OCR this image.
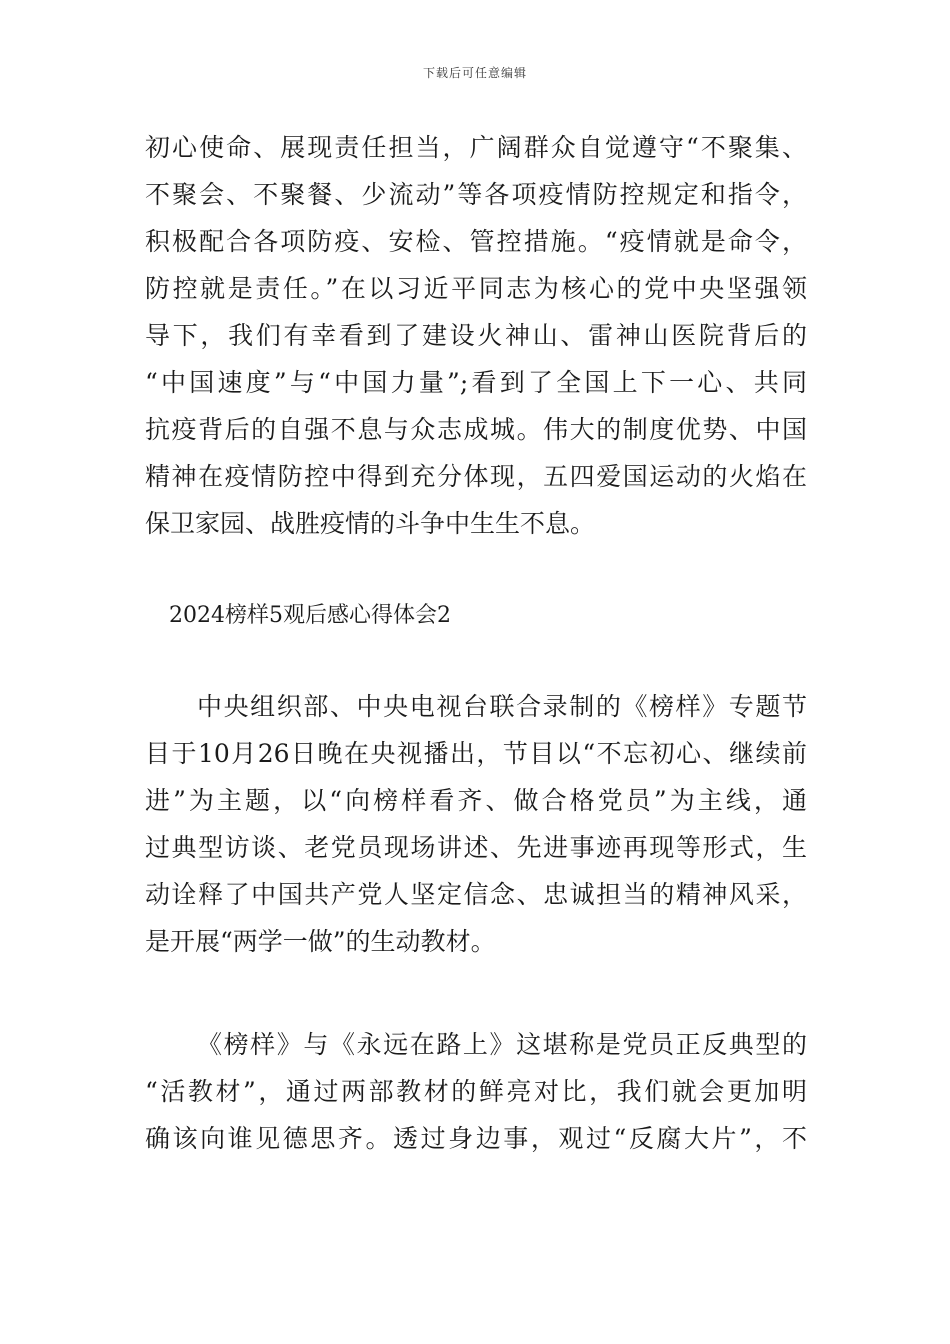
下载后可任意编辑
初心使命、展现责任担当，广阔群众自觉遵守“不聚集、
不聚会、不聚餐、少流动”等各项疫情防控规定和指令，
积极配合各项防疫、安检、管控措施。“疫情就是命令，
防控就是责任。”在以习近平同志为核心的党中央坚强领
导下，我们有幸看到了建设火神山、雷神山医院背后的
“中国速度”与“中国力量”;看到了全国上下一心、共同
抗疫背后的自强不息与众志成城。伟大的制度优势、中国
精神在疫情防控中得到充分体现，五四爱国运动的火焰在
保卫家园、战胜疫情的斗争中生生不息。
2024榜样5观后感心得体会2
中央组织部、中央电视台联合录制的《榜样》专题节
目于10月26日晚在央视播出，节目以“不忘初心、继续前
进”为主题，以“向榜样看齐、做合格党员”为主线，通
过典型访谈、老党员现场讲述、先进事迹再现等形式，生
动诠释了中国共产党人坚定信念、忠诚担当的精神风采，
是开展“两学一做”的生动教材。
《榜样》与《永远在路上》这堪称是党员正反典型的
“活教材”，通过两部教材的鲜亮对比，我们就会更加明
确该向谁见德思齐。透过身边事，观过“反腐大片”，不
